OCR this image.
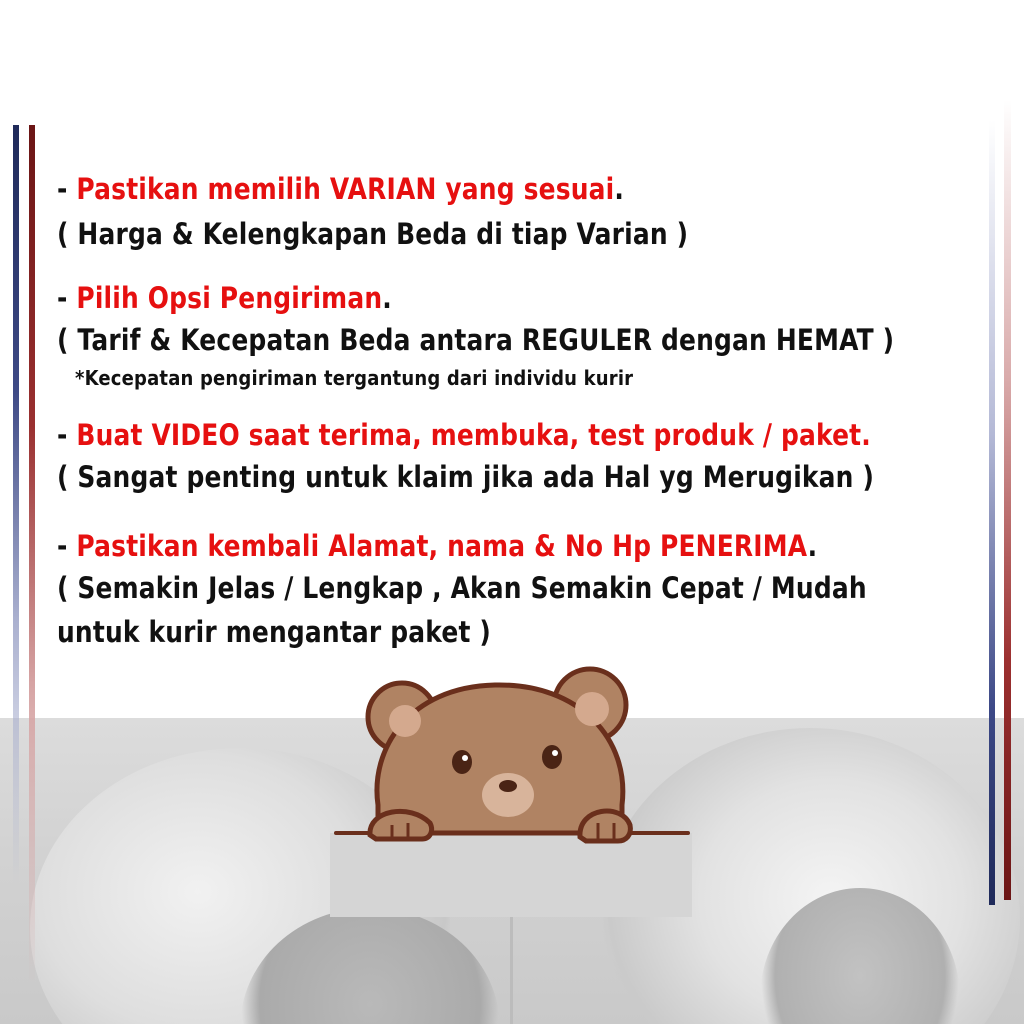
- Pastikan memilih VARIAN yang sesuai.
( Harga & Kelengkapan Beda di tiap Varian )
- Pilih Opsi Pengiriman.
( Tarif & Kecepatan Beda antara REGULER dengan HEMAT )
*Kecepatan pengiriman tergantung dari individu kurir
- Buat VIDEO saat terima, membuka, test produk / paket.
( Sangat penting untuk klaim jika ada Hal yg Merugikan )
- Pastikan kembali Alamat, nama & No Hp PENERIMA.
( Semakin Jelas / Lengkap , Akan Semakin Cepat / Mudah
untuk kurir mengantar paket )
